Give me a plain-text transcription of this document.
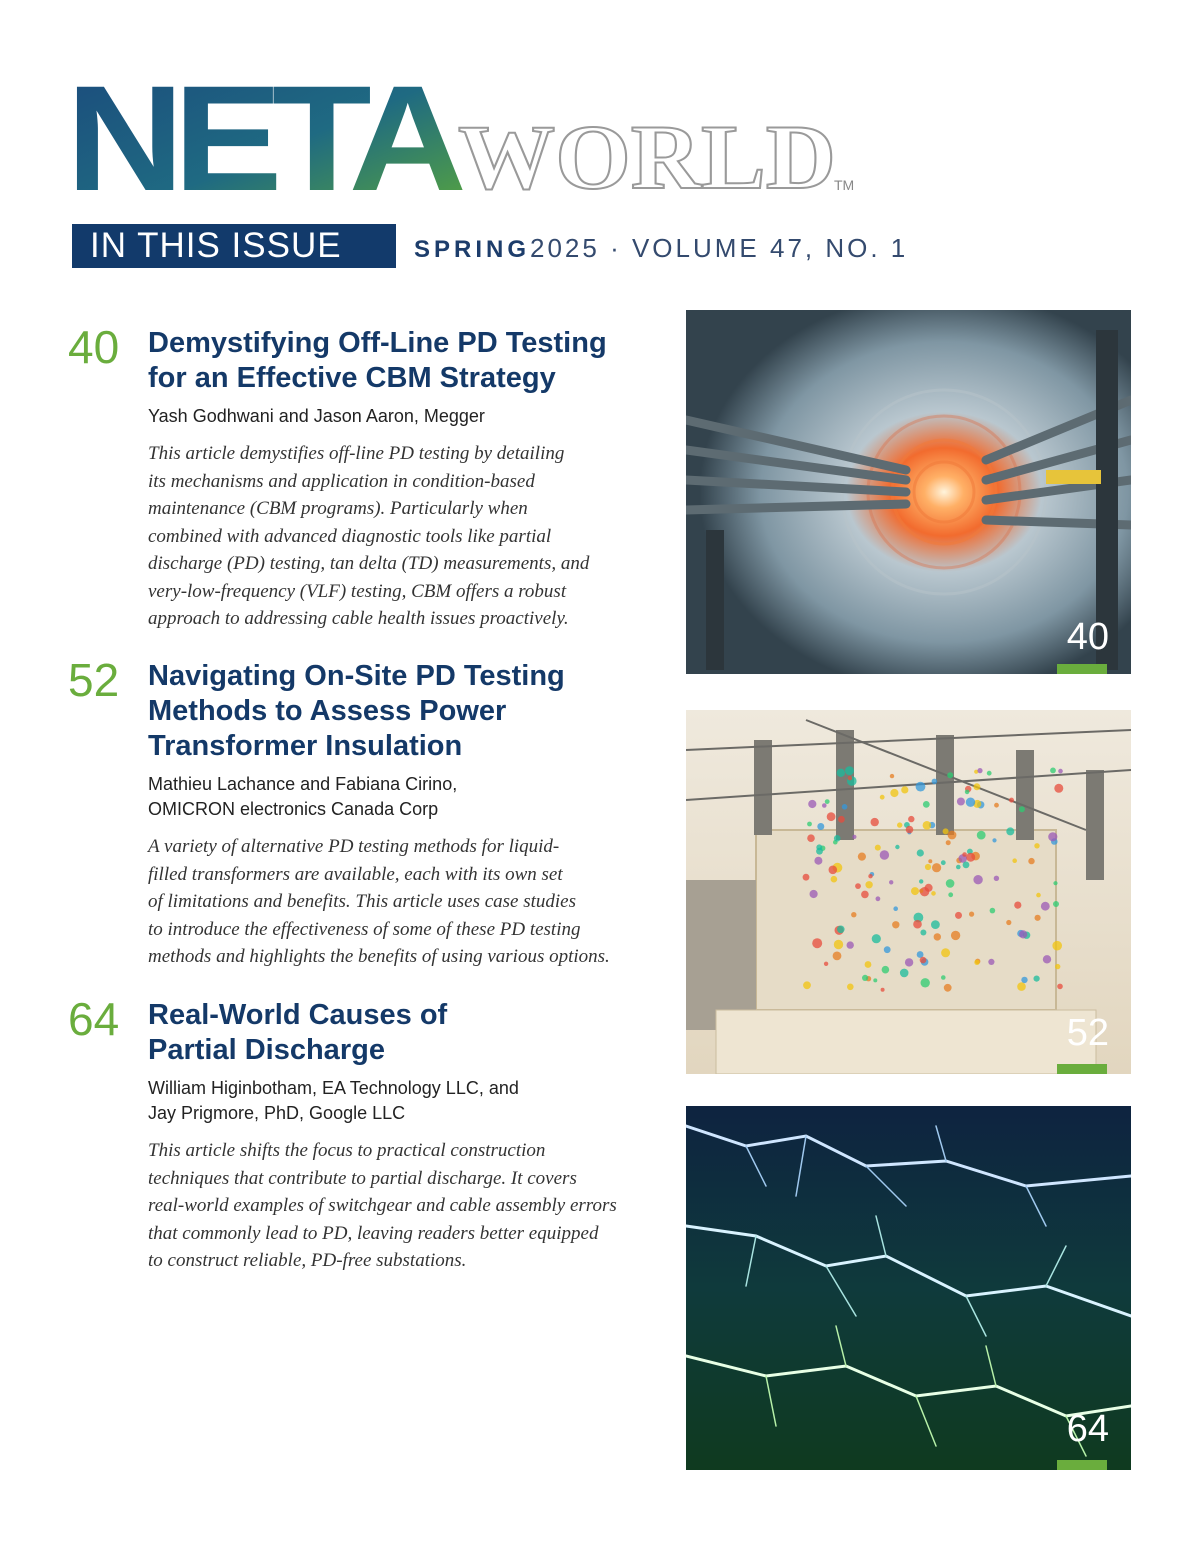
NETA
WORLD
TM
IN THIS ISSUE	SPRING2025 · VOLUME 47, NO. 1
40 Demystifying Off-Line PD Testing
for an Effective CBM Strategy
Yash Godhwani and Jason Aaron, Megger
This article demystifies off-line PD testing by detailing
its mechanisms and application in condition-based
maintenance (CBM programs). Particularly when
combined with advanced diagnostic tools like partial
discharge (PD) testing, tan delta (TD) measurements, and
very-low-frequency (VLF) testing, CBM offers a robust
approach to addressing cable health issues proactively.
52 Navigating On-Site PD Testing
Methods to Assess Power
Transformer Insulation
Mathieu Lachance and Fabiana Cirino,
OMICRON electronics Canada Corp
A variety of alternative PD testing methods for liquid-
filled transformers are available, each with its own set
of limitations and benefits. This article uses case studies
to introduce the effectiveness of some of these PD testing
methods and highlights the benefits of using various options.
64 Real-World Causes of
Partial Discharge
William Higinbotham, EA Technology LLC, and
Jay Prigmore, PhD, Google LLC
This article shifts the focus to practical construction
techniques that contribute to partial discharge. It covers
real-world examples of switchgear and cable assembly errors
that commonly lead to PD, leaving readers better equipped
to construct reliable, PD-free substations.
40
52
64
